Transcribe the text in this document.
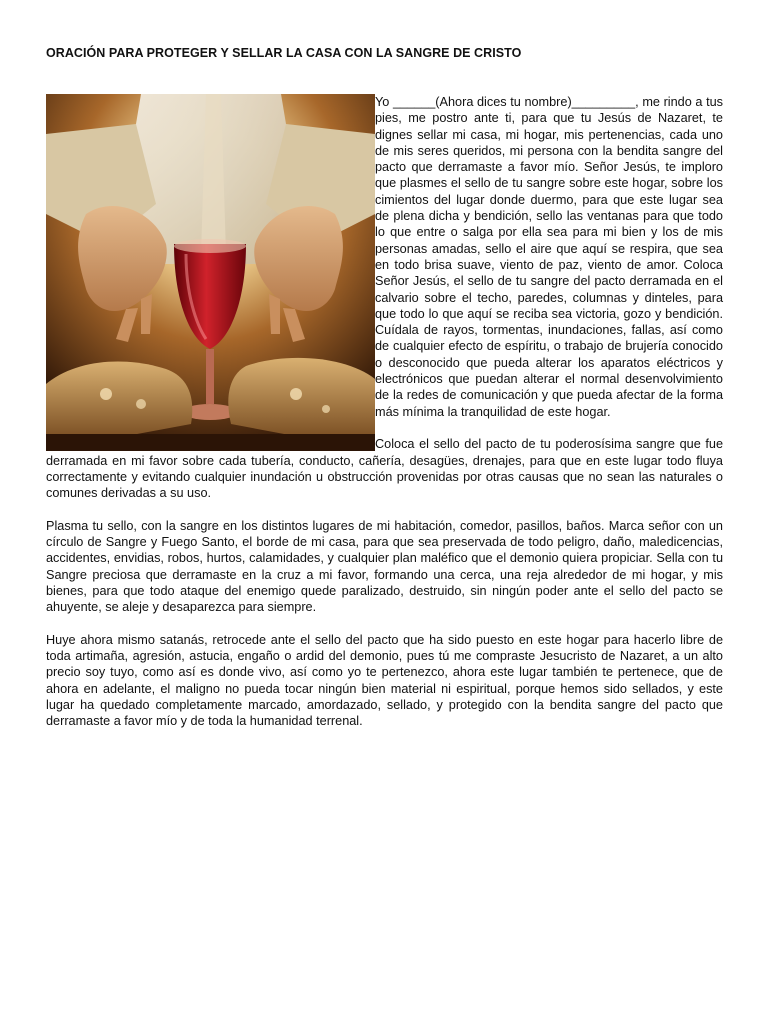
ORACIÓN PARA PROTEGER Y SELLAR LA CASA CON LA SANGRE DE CRISTO

Yo ______(Ahora dices tu nombre)_________, me rindo a tus pies, me postro ante ti, para que tu Jesús de Nazaret, te dignes sellar mi casa, mi hogar, mis pertenencias, cada uno de mis seres queridos, mi persona con la bendita sangre del pacto que derramaste a favor mío. Señor Jesús, te imploro que plasmes el sello de tu sangre sobre este hogar, sobre los cimientos del lugar donde duermo, para que este lugar sea de plena dicha y bendición, sello las ventanas para que todo lo que entre o salga por ella sea para mi bien y los de mis personas amadas, sello el aire que aquí se respira, que sea en todo brisa suave, viento de paz, viento de amor. Coloca Señor Jesús, el sello de tu sangre del pacto derramada en el calvario sobre el techo, paredes, columnas y dinteles, para que todo lo que aquí se reciba sea victoria, gozo y bendición. Cuídala de rayos, tormentas, inundaciones, fallas, así como de cualquier efecto de espíritu, o trabajo de brujería conocido o desconocido que pueda alterar los aparatos eléctricos y electrónicos que puedan alterar el normal desenvolvimiento de la redes de comunicación y que pueda afectar de la forma más mínima la tranquilidad de este hogar.

Coloca el sello del pacto de tu poderosísima sangre que fue derramada en mi favor sobre cada tubería, conducto, cañería, desagües, drenajes, para que en este lugar todo fluya correctamente y evitando cualquier inundación u obstrucción provenidas por otras causas que no sean las naturales o comunes derivadas a su uso.

Plasma tu sello, con la sangre en los distintos lugares de mi habitación, comedor, pasillos, baños. Marca señor con un círculo de Sangre y Fuego Santo, el borde de mi casa, para que sea preservada de todo peligro, daño, maledicencias, accidentes, envidias, robos, hurtos, calamidades, y cualquier plan maléfico que el demonio quiera propiciar. Sella con tu Sangre preciosa que derramaste en la cruz a mi favor, formando una cerca, una reja alrededor de mi hogar, y mis bienes, para que todo ataque del enemigo quede paralizado, destruido, sin ningún poder ante el sello del pacto se ahuyente, se aleje y desaparezca para siempre.

Huye ahora mismo satanás, retrocede ante el sello del pacto que ha sido puesto en este hogar para hacerlo libre de toda artimaña, agresión, astucia, engaño o ardid del demonio, pues tú me compraste Jesucristo de Nazaret, a un alto precio soy tuyo, como así es donde vivo, así como yo te pertenezco, ahora este lugar también te pertenece, que de ahora en adelante, el maligno no pueda tocar ningún bien material ni espiritual, porque hemos sido sellados, y este lugar ha quedado completamente marcado, amordazado, sellado, y protegido con la bendita sangre del pacto que derramaste a favor mío y de toda la humanidad terrenal.
